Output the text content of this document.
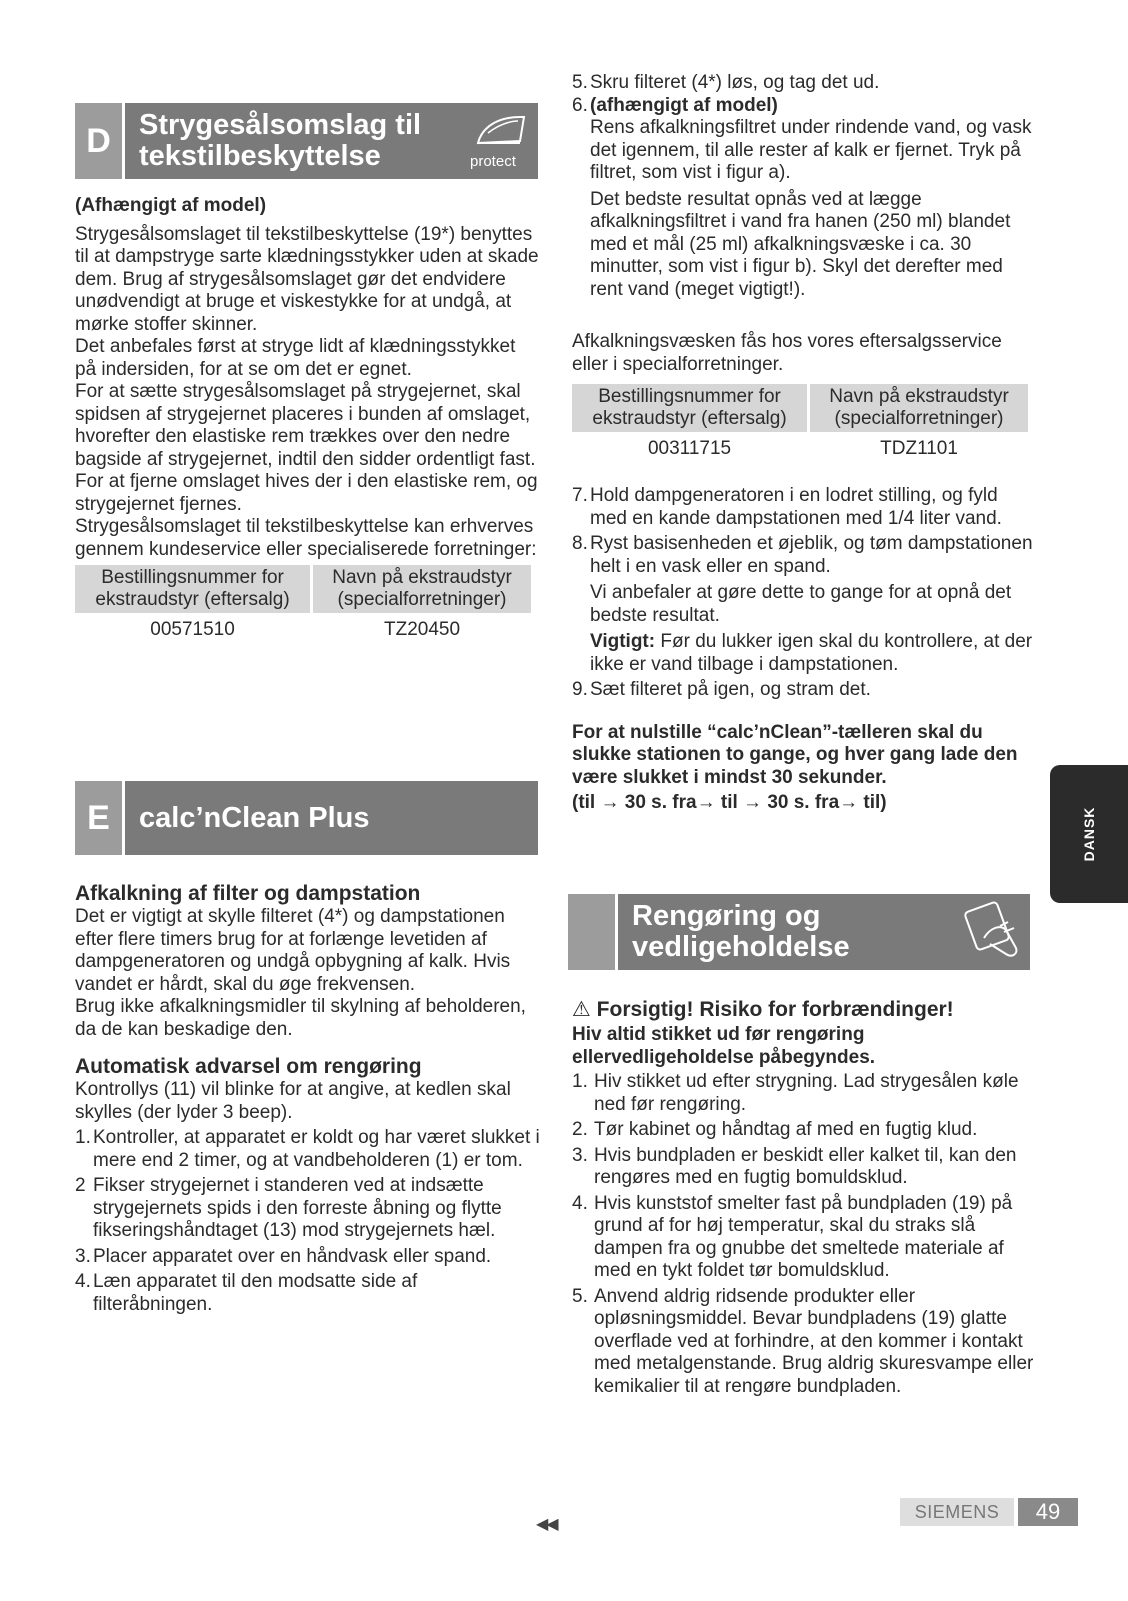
D Strygesålsomslag til
tekstilbeskyttelse	protect

(Afhængigt af model)

Strygesålsomslaget til tekstilbeskyttelse (19*) benyttes til at dampstryge sarte klædningsstykker uden at skade dem. Brug af strygesålsomslaget gør det endvidere unødvendigt at bruge et viskestykke for at undgå, at mørke stoffer skinner.

Det anbefales først at stryge lidt af klædningsstykket på indersiden, for at se om det er egnet.

For at sætte strygesålsomslaget på strygejernet, skal spidsen af strygejernet placeres i bunden af omslaget, hvorefter den elastiske rem trækkes over den nedre bagside af strygejernet, indtil den sidder ordentligt fast. For at fjerne omslaget hives der i den elastiske rem, og strygejernet fjernes.

Strygesålsomslaget til tekstilbeskyttelse kan erhverves gennem kundeservice eller specialiserede forretninger:

Bestillingsnummer for
ekstraudstyr (eftersalg)	Navn på ekstraudstyr
(specialforretninger)
00571510	TZ20450
E	calc’nClean Plus

Afkalkning af filter og dampstation

Det er vigtigt at skylle filteret (4*) og dampstationen efter flere timers brug for at forlænge levetiden af dampgeneratoren og undgå opbygning af kalk. Hvis vandet er hårdt, skal du øge frekvensen.

Brug ikke afkalkningsmidler til skylning af beholderen, da de kan beskadige den.

Automatisk advarsel om rengøring

Kontrollys (11) vil blinke for at angive, at kedlen skal skylles (der lyder 3 beep).

1. Kontroller, at apparatet er koldt og har været slukket i mere end 2 timer, og at vandbeholderen (1) er tom.
2 Fikser strygejernet i standeren ved at indsætte strygejernets spids i den forreste åbning og flytte fikseringshåndtaget (13) mod strygejernets hæl.
3. Placer apparatet over en håndvask eller spand.
4. Læn apparatet til den modsatte side af filteråbningen.
5. Skru filteret (4*) løs, og tag det ud.
6. (afhængigt af model)

Rens afkalkningsfiltret under rindende vand, og vask det igennem, til alle rester af kalk er fjernet. Tryk på filtret, som vist i figur a).

Det bedste resultat opnås ved at lægge afkalkningsfiltret i vand fra hanen (250 ml) blandet med et mål (25 ml) afkalkningsvæske i ca. 30 minutter, som vist i figur b). Skyl det derefter med rent vand (meget vigtigt!).

Afkalkningsvæsken fås hos vores eftersalgsservice eller i specialforretninger.

Bestillingsnummer for
ekstraudstyr (eftersalg)	Navn på ekstraudstyr
(specialforretninger)
00311715	TDZ1101
7. Hold dampgeneratoren i en lodret stilling, og fyld med en kande dampstationen med 1/4 liter vand.
8. Ryst basisenheden et øjeblik, og tøm dampstationen helt i en vask eller en spand.

Vi anbefaler at gøre dette to gange for at opnå det bedste resultat.

Vigtigt: Før du lukker igen skal du kontrollere, at der ikke er vand tilbage i dampstationen.

9. Sæt filteret på igen, og stram det.

For at nulstille “calc’nClean”-tælleren skal du slukke stationen to gange, og hver gang lade den være slukket i mindst 30 sekunder.

(til → 30 s. fra→ til → 30 s. fra→ til)

Rengøring og
vedligeholdelse

⚠ Forsigtig! Risiko for forbrændinger!

Hiv altid stikket ud før rengøring ellervedligeholdelse påbegyndes.

1. Hiv stikket ud efter strygning. Lad strygesålen køle ned før rengøring.
2. Tør kabinet og håndtag af med en fugtig klud.
3. Hvis bundpladen er beskidt eller kalket til, kan den rengøres med en fugtig bomuldsklud.
4. Hvis kunststof smelter fast på bundpladen (19) på grund af for høj temperatur, skal du straks slå dampen fra og gnubbe det smeltede materiale af med en tykt foldet tør bomuldsklud.
5. Anvend aldrig ridsende produkter eller opløsningsmiddel. Bevar bundpladens (19) glatte overflade ved at forhindre, at den kommer i kontakt med metalgenstande. Brug aldrig skuresvampe eller kemikalier til at rengøre bundpladen.
DANSK
◀◀
SIEMENS	49
